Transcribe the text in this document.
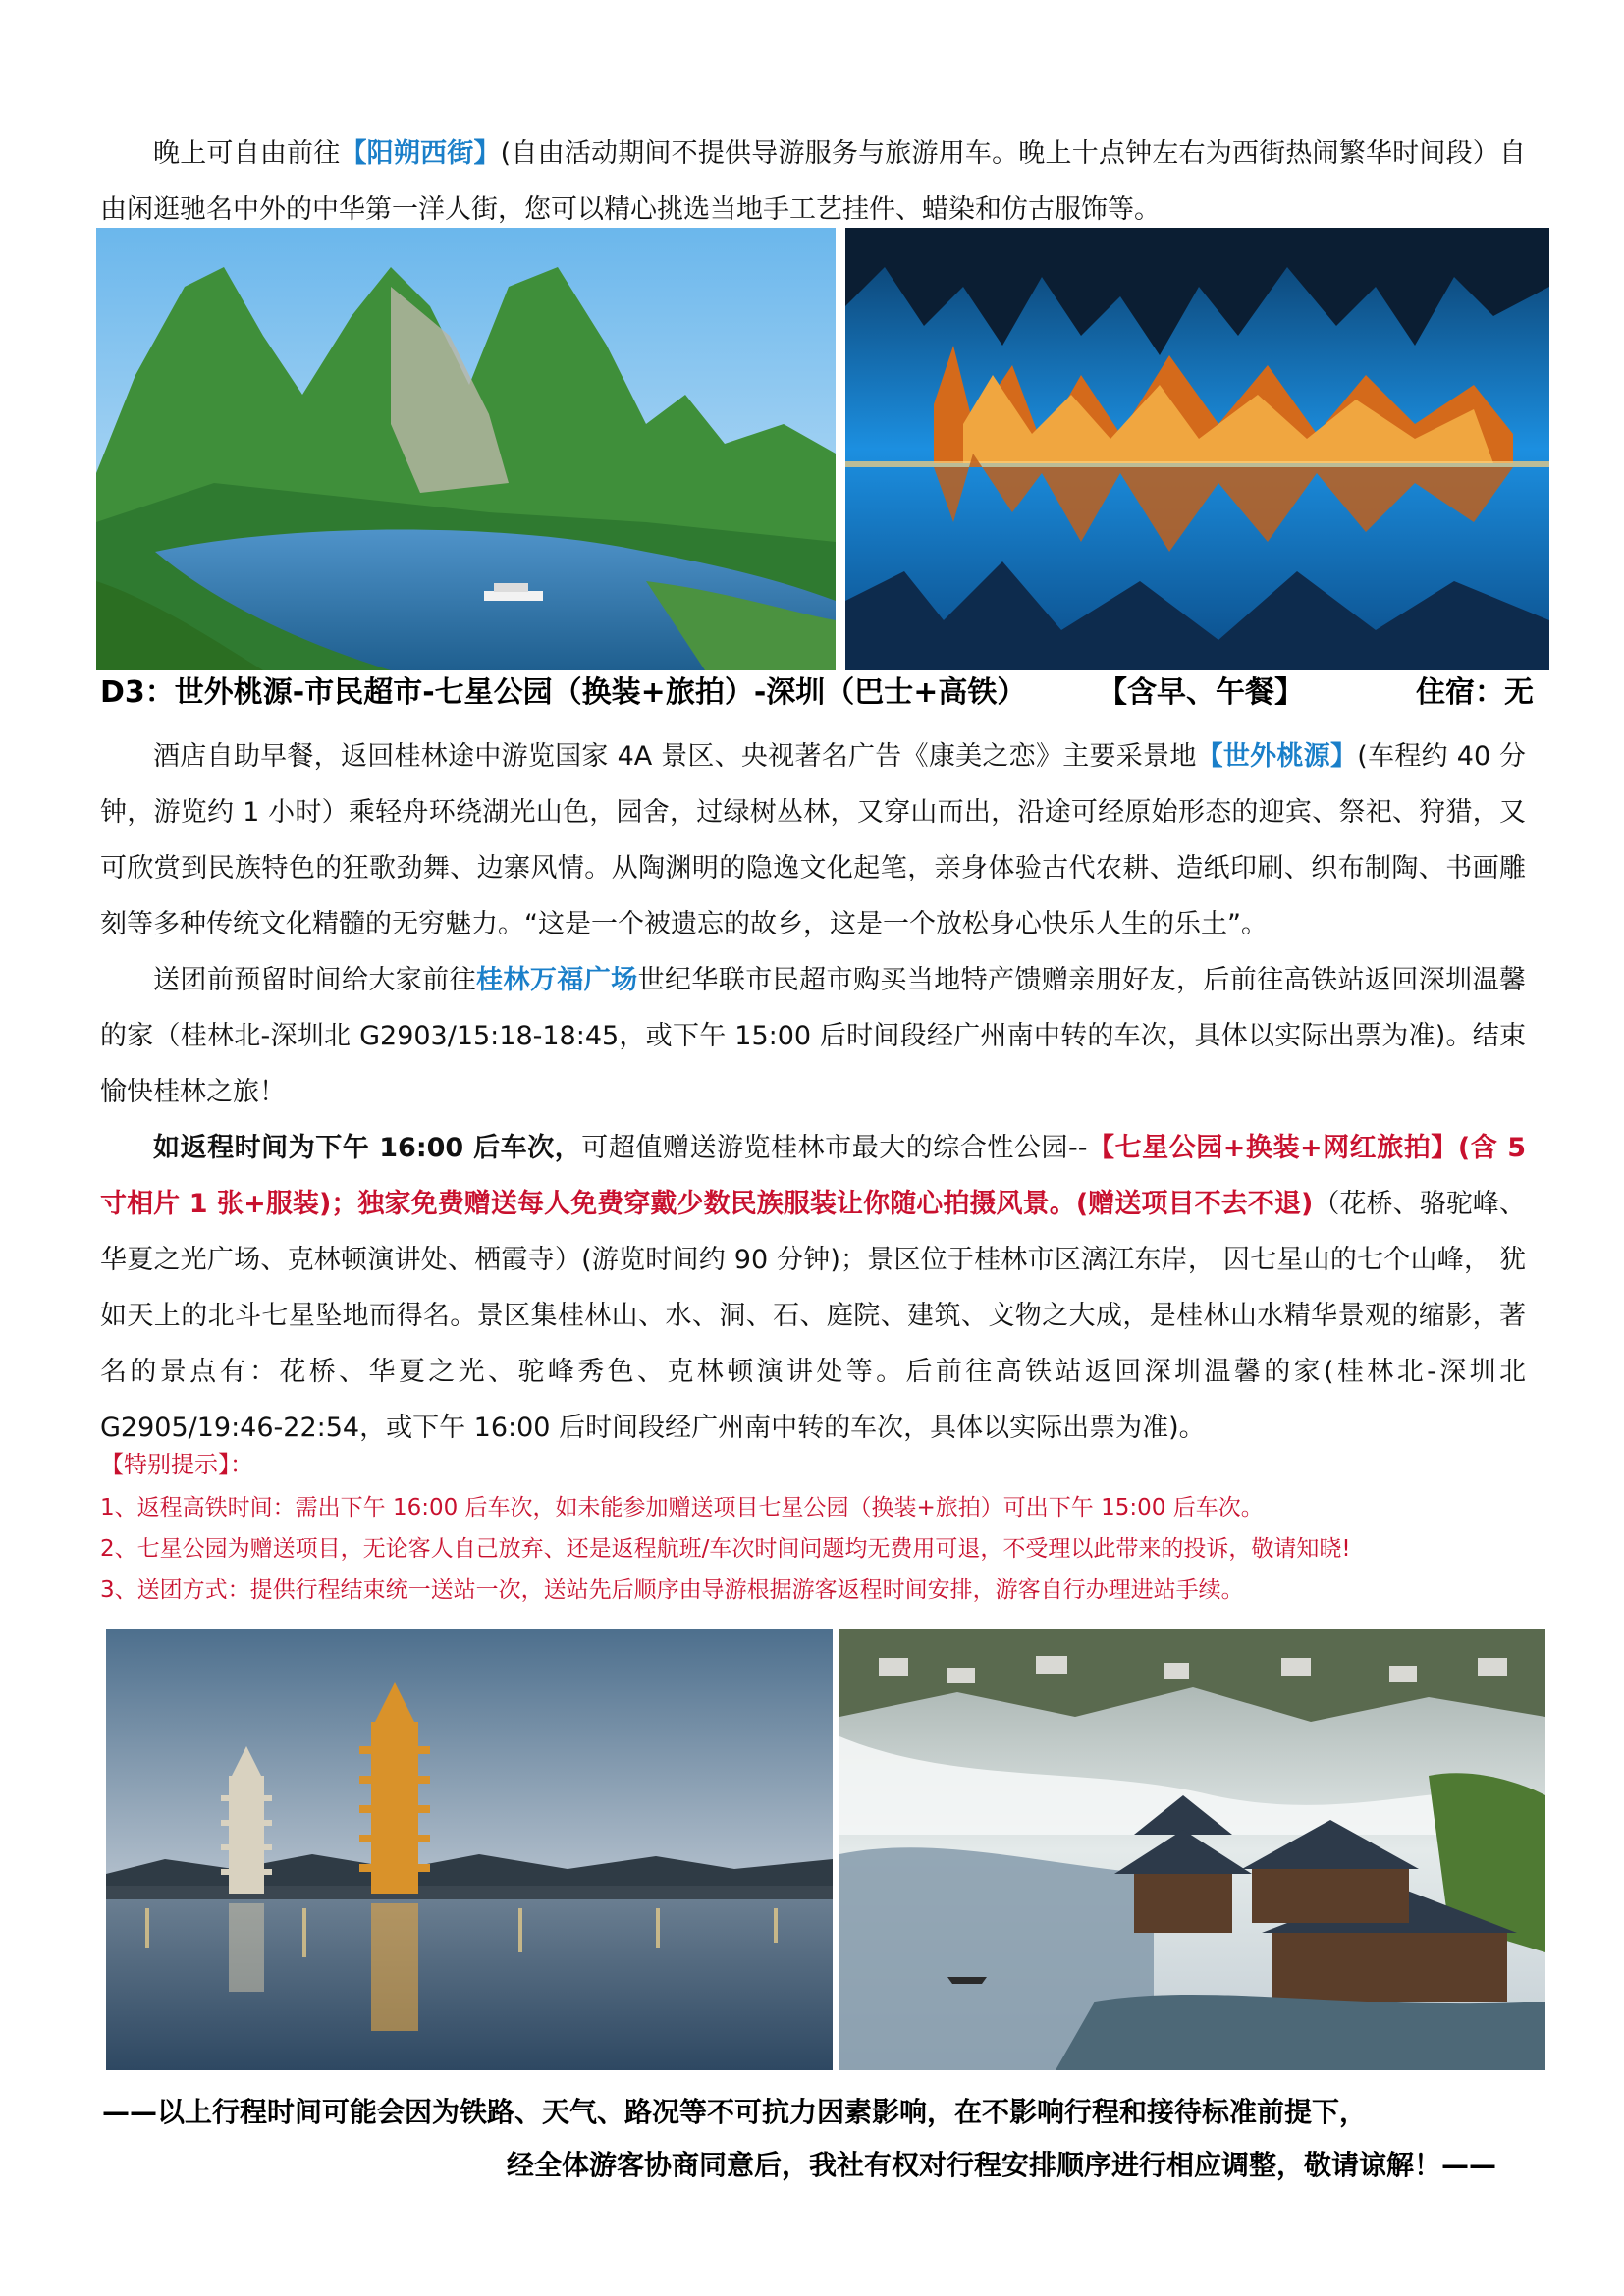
晚上可自由前往【阳朔西街】(自由活动期间不提供导游服务与旅游用车。晚上十点钟左右为西街热闹繁华时间段）自由闲逛驰名中外的中华第一洋人街，您可以精心挑选当地手工艺挂件、蜡染和仿古服饰等。

D3：世外桃源-市民超市-七星公园（换装+旅拍）-深圳（巴士+高铁） 【含早、午餐】	住宿：无

酒店自助早餐，返回桂林途中游览国家 4A 景区、央视著名广告《康美之恋》主要采景地【世外桃源】(车程约 40 分钟，游览约 1 小时）乘轻舟环绕湖光山色，园舍，过绿树丛林，又穿山而出，沿途可经原始形态的迎宾、祭祀、狩猎，又可欣赏到民族特色的狂歌劲舞、边寨风情。从陶渊明的隐逸文化起笔，亲身体验古代农耕、造纸印刷、织布制陶、书画雕刻等多种传统文化精髓的无穷魅力。“这是一个被遗忘的故乡，这是一个放松身心快乐人生的乐土”。

送团前预留时间给大家前往桂林万福广场世纪华联市民超市购买当地特产馈赠亲朋好友，后前往高铁站返回深圳温馨的家（桂林北-深圳北 G2903/15:18-18:45，或下午 15:00 后时间段经广州南中转的车次，具体以实际出票为准)。结束愉快桂林之旅！

如返程时间为下午 16:00 后车次，可超值赠送游览桂林市最大的综合性公园--【七星公园+换装+网红旅拍】(含 5 寸相片 1 张+服装)；独家免费赠送每人免费穿戴少数民族服装让你随心拍摄风景。(赠送项目不去不退)（花桥、骆驼峰、华夏之光广场、克林顿演讲处、栖霞寺）(游览时间约 90 分钟)；景区位于桂林市区漓江东岸， 因七星山的七个山峰， 犹如天上的北斗七星坠地而得名。景区集桂林山、水、洞、石、庭院、建筑、文物之大成，是桂林山水精华景观的缩影，著名的景点有：花桥、华夏之光、驼峰秀色、克林顿演讲处等。后前往高铁站返回深圳温馨的家(桂林北-深圳北 G2905/19:46-22:54，或下午 16:00 后时间段经广州南中转的车次，具体以实际出票为准)。

【特别提示】：
1、返程高铁时间：需出下午 16:00 后车次，如未能参加赠送项目七星公园（换装+旅拍）可出下午 15:00 后车次。
2、七星公园为赠送项目，无论客人自己放弃、还是返程航班/车次时间问题均无费用可退，不受理以此带来的投诉，敬请知晓!
3、送团方式：提供行程结束统一送站一次，送站先后顺序由导游根据游客返程时间安排，游客自行办理进站手续。
——以上行程时间可能会因为铁路、天气、路况等不可抗力因素影响，在不影响行程和接待标准前提下，
经全体游客协商同意后，我社有权对行程安排顺序进行相应调整，敬请谅解！——
